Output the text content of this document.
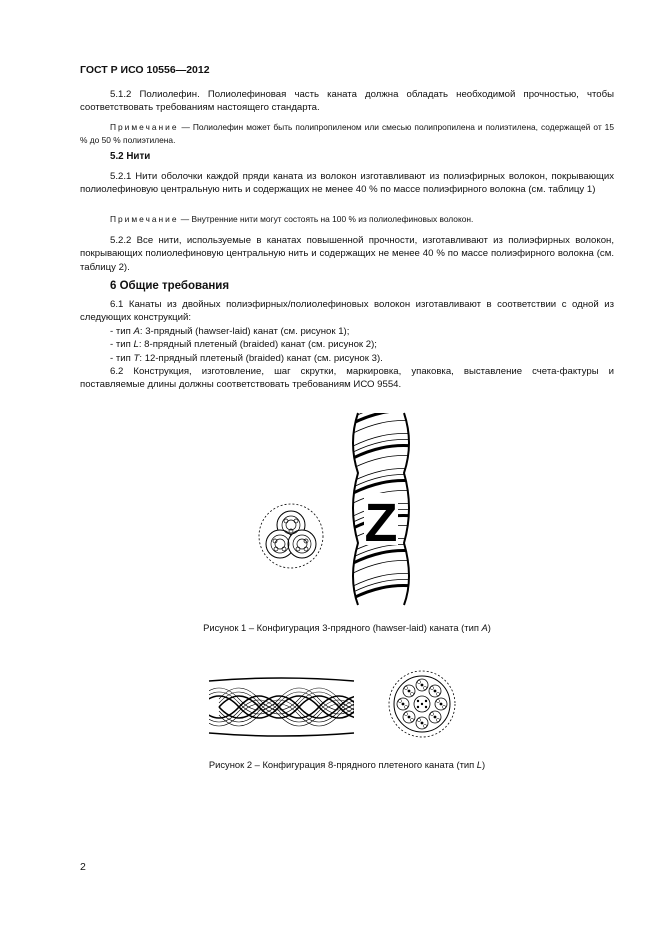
ГОСТ Р ИСО 10556—2012
5.1.2 Полиолефин. Полиолефиновая часть каната должна обладать необходимой прочностью, чтобы соответствовать требованиям настоящего стандарта.
Примечание — Полиолефин может быть полипропиленом или смесью полипропилена и полиэтилена, содержащей от 15 % до 50 % полиэтилена.
5.2 Нити
5.2.1 Нити оболочки каждой пряди каната из волокон изготавливают из полиэфирных волокон, покрывающих полиолефиновую центральную нить и содержащих не менее 40 % по массе полиэфирного волокна (см. таблицу 1)
Примечание — Внутренние нити могут состоять на 100 % из полиолефиновых волокон.
5.2.2 Все нити, используемые в канатах повышенной прочности, изготавливают из полиэфирных волокон, покрывающих полиолефиновую центральную нить и содержащих не менее 40 % по массе полиэфирного волокна (см. таблицу 2).
6 Общие требования
6.1 Канаты из двойных полиэфирных/полиолефиновых волокон изготавливают в соответствии с одной из следующих конструкций:
- тип A: 3-прядный (hawser-laid) канат (см. рисунок 1);
- тип L: 8-прядный плетеный (braided) канат (см. рисунок 2);
- тип T: 12-прядный плетеный (braided) канат (см. рисунок 3).
6.2 Конструкция, изготовление, шаг скрутки, маркировка, упаковка, выставление счета-фактуры и поставляемые длины должны соответствовать требованиям ИСО 9554.
Z
Рисунок 1 – Конфигурация 3-прядного (hawser-laid) каната (тип A)
Рисунок 2 – Конфигурация 8-прядного плетеного каната (тип L)
2
